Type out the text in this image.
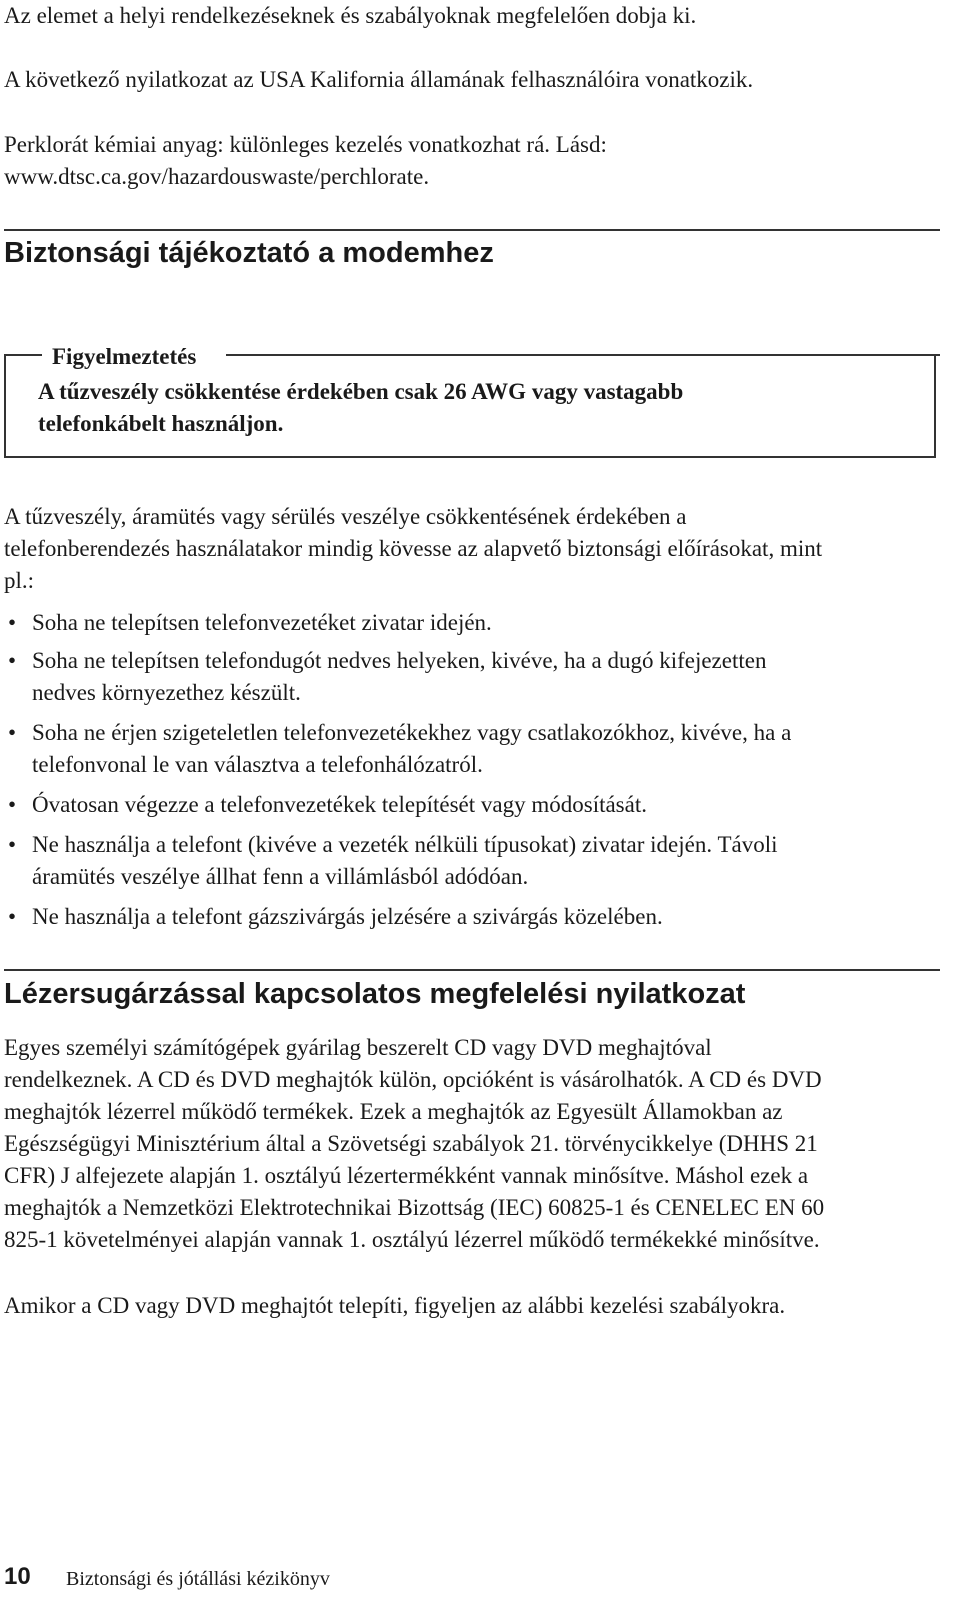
Az elemet a helyi rendelkezéseknek és szabályoknak megfelelően dobja ki.
A következő nyilatkozat az USA Kalifornia államának felhasználóira vonatkozik.
Perklorát kémiai anyag: különleges kezelés vonatkozhat rá. Lásd:
www.dtsc.ca.gov/hazardouswaste/perchlorate.
Biztonsági tájékoztató a modemhez
Figyelmeztetés
A tűzveszély csökkentése érdekében csak 26 AWG vagy vastagabb
telefonkábelt használjon.
A tűzveszély, áramütés vagy sérülés veszélye csökkentésének érdekében a
telefonberendezés használatakor mindig kövesse az alapvető biztonsági előírásokat, mint
pl.:
• Soha ne telepítsen telefonvezetéket zivatar idején.
• Soha ne telepítsen telefondugót nedves helyeken, kivéve, ha a dugó kifejezetten
nedves környezethez készült.
• Soha ne érjen szigeteletlen telefonvezetékekhez vagy csatlakozókhoz, kivéve, ha a
telefonvonal le van választva a telefonhálózatról.
• Óvatosan végezze a telefonvezetékek telepítését vagy módosítását.
• Ne használja a telefont (kivéve a vezeték nélküli típusokat) zivatar idején. Távoli
áramütés veszélye állhat fenn a villámlásból adódóan.
• Ne használja a telefont gázszivárgás jelzésére a szivárgás közelében.
Lézersugárzással kapcsolatos megfelelési nyilatkozat
Egyes személyi számítógépek gyárilag beszerelt CD vagy DVD meghajtóval
rendelkeznek. A CD és DVD meghajtók külön, opcióként is vásárolhatók. A CD és DVD
meghajtók lézerrel működő termékek. Ezek a meghajtók az Egyesült Államokban az
Egészségügyi Minisztérium által a Szövetségi szabályok 21. törvénycikkelye (DHHS 21
CFR) J alfejezete alapján 1. osztályú lézertermékként vannak minősítve. Máshol ezek a
meghajtók a Nemzetközi Elektrotechnikai Bizottság (IEC) 60825-1 és CENELEC EN 60
825-1 követelményei alapján vannak 1. osztályú lézerrel működő termékekké minősítve.
Amikor a CD vagy DVD meghajtót telepíti, figyeljen az alábbi kezelési szabályokra.
10 Biztonsági és jótállási kézikönyv
